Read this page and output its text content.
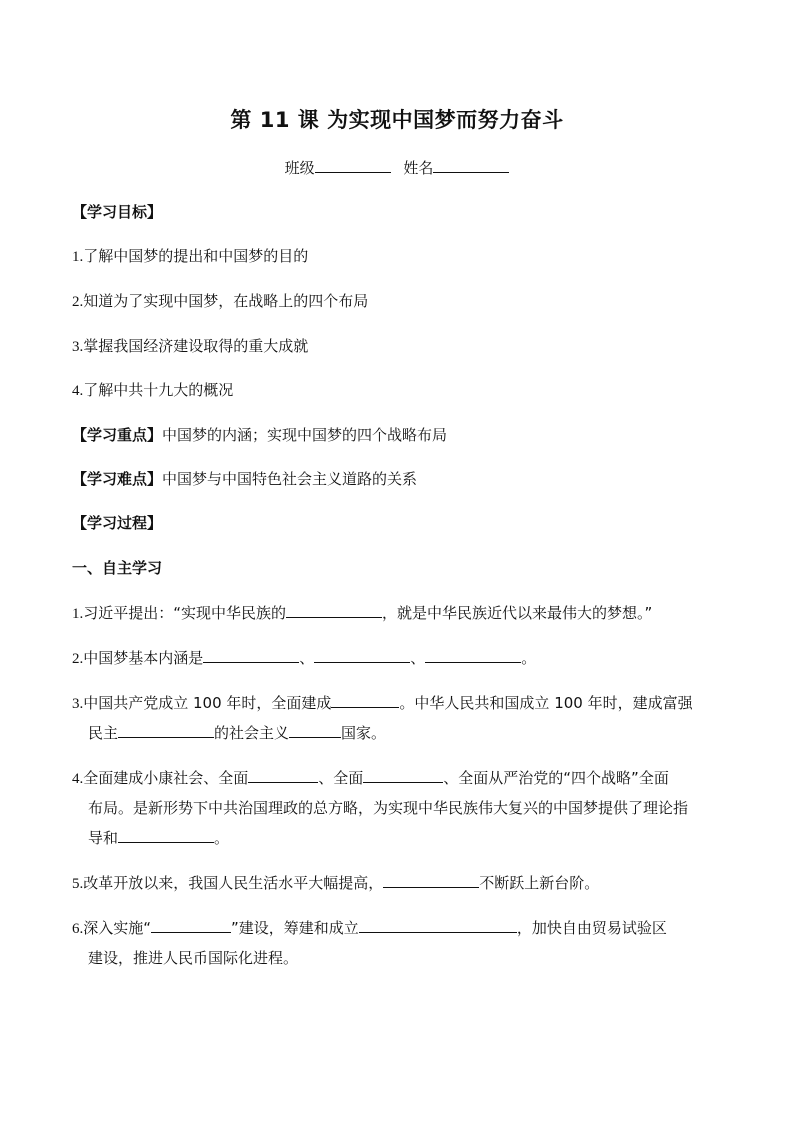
第 11 课 为实现中国梦而努力奋斗
班级	姓名
【学习目标】
1.了解中国梦的提出和中国梦的目的
2.知道为了实现中国梦，在战略上的四个布局
3.掌握我国经济建设取得的重大成就
4.了解中共十九大的概况
【学习重点】中国梦的内涵；实现中国梦的四个战略布局
【学习难点】中国梦与中国特色社会主义道路的关系
【学习过程】
一、自主学习
1.习近平提出：“实现中华民族的	，就是中华民族近代以来最伟大的梦想。”
2.中国梦基本内涵是	、	、	。
3.中国共产党成立 100 年时，全面建成	。中华人民共和国成立 100 年时，建成富强
民主	的社会主义	国家。
4.全面建成小康社会、全面	、全面	、全面从严治党的“四个战略”全面
布局。是新形势下中共治国理政的总方略，为实现中华民族伟大复兴的中国梦提供了理论指
导和	。
5.改革开放以来，我国人民生活水平大幅提高，	不断跃上新台阶。
6.深入实施“	”建设，筹建和成立	，加快自由贸易试验区
建设，推进人民币国际化进程。
